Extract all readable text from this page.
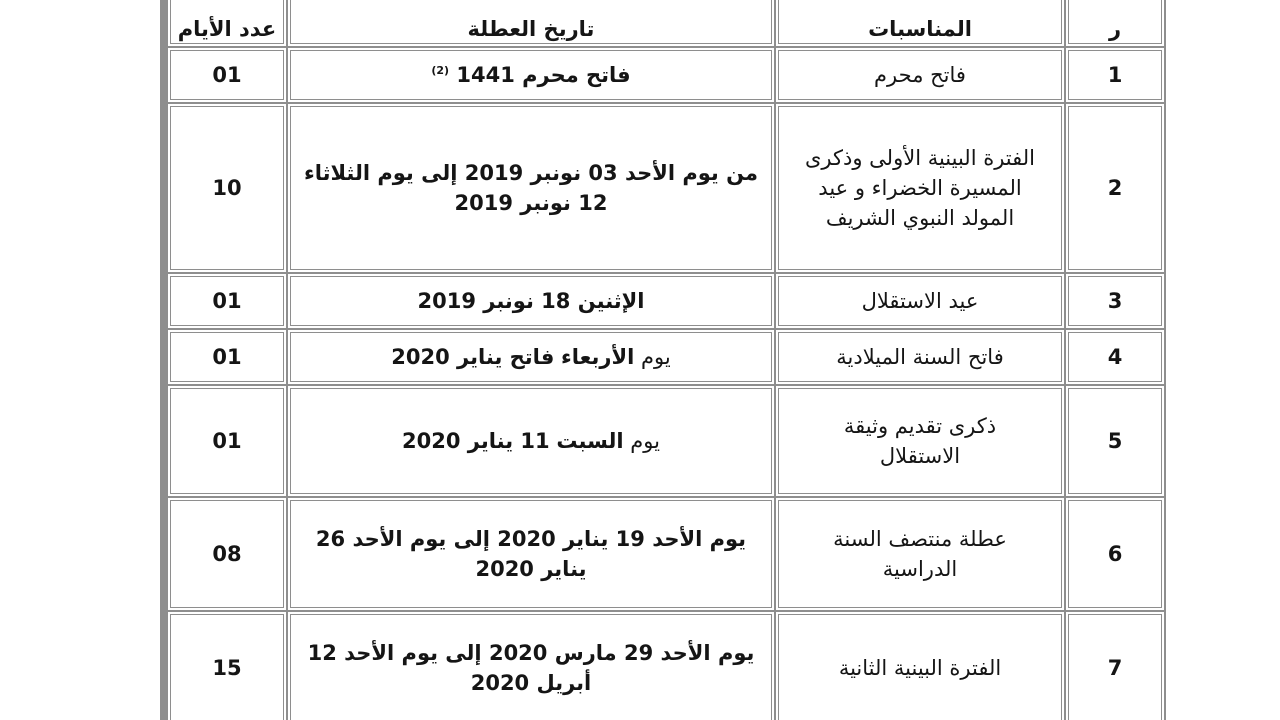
ر
المناسبات
تاريخ العطلة
عدد الأيام
1
فاتح محرم
فاتح محرم 1441 $^{(2)}$
01
2
الفترة البينية الأولى وذكرى المسيرة الخضراء و عيد المولد النبوي الشريف
من يوم الأحد 03 نونبر 2019 إلى يوم الثلاثاء 12 نونبر 2019
10
3
عيد الاستقلال
الإثنين 18 نونبر 2019
01
4
فاتح السنة الميلادية
يوم الأربعاء فاتح يناير 2020
01
5
ذكرى تقديم وثيقة الاستقلال
يوم السبت 11 يناير 2020
01
6
عطلة منتصف السنة الدراسية
يوم الأحد 19 يناير 2020 إلى يوم الأحد 26 يناير 2020
08
7
الفترة البينية الثانية
يوم الأحد 29 مارس 2020 إلى يوم الأحد 12 أبريل 2020
15
